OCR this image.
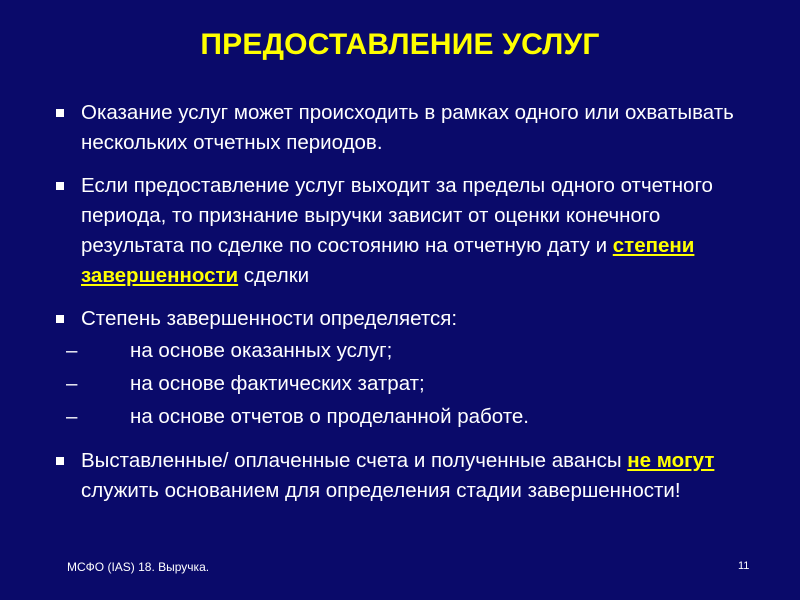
ПРЕДОСТАВЛЕНИЕ УСЛУГ
Оказание услуг может происходить в рамках одного или охватывать нескольких отчетных периодов.
Если предоставление услуг выходит за пределы одного отчетного периода, то признание выручки зависит от оценки конечного результата по сделке по состоянию на отчетную дату и степени завершенности сделки
Степень завершенности определяется:
–	на основе оказанных услуг;
–	на основе фактических затрат;
–	на основе отчетов о проделанной работе.
Выставленные/ оплаченные счета и полученные авансы не могут служить основанием для определения стадии завершенности!
МСФО (IAS) 18. Выручка.	11
